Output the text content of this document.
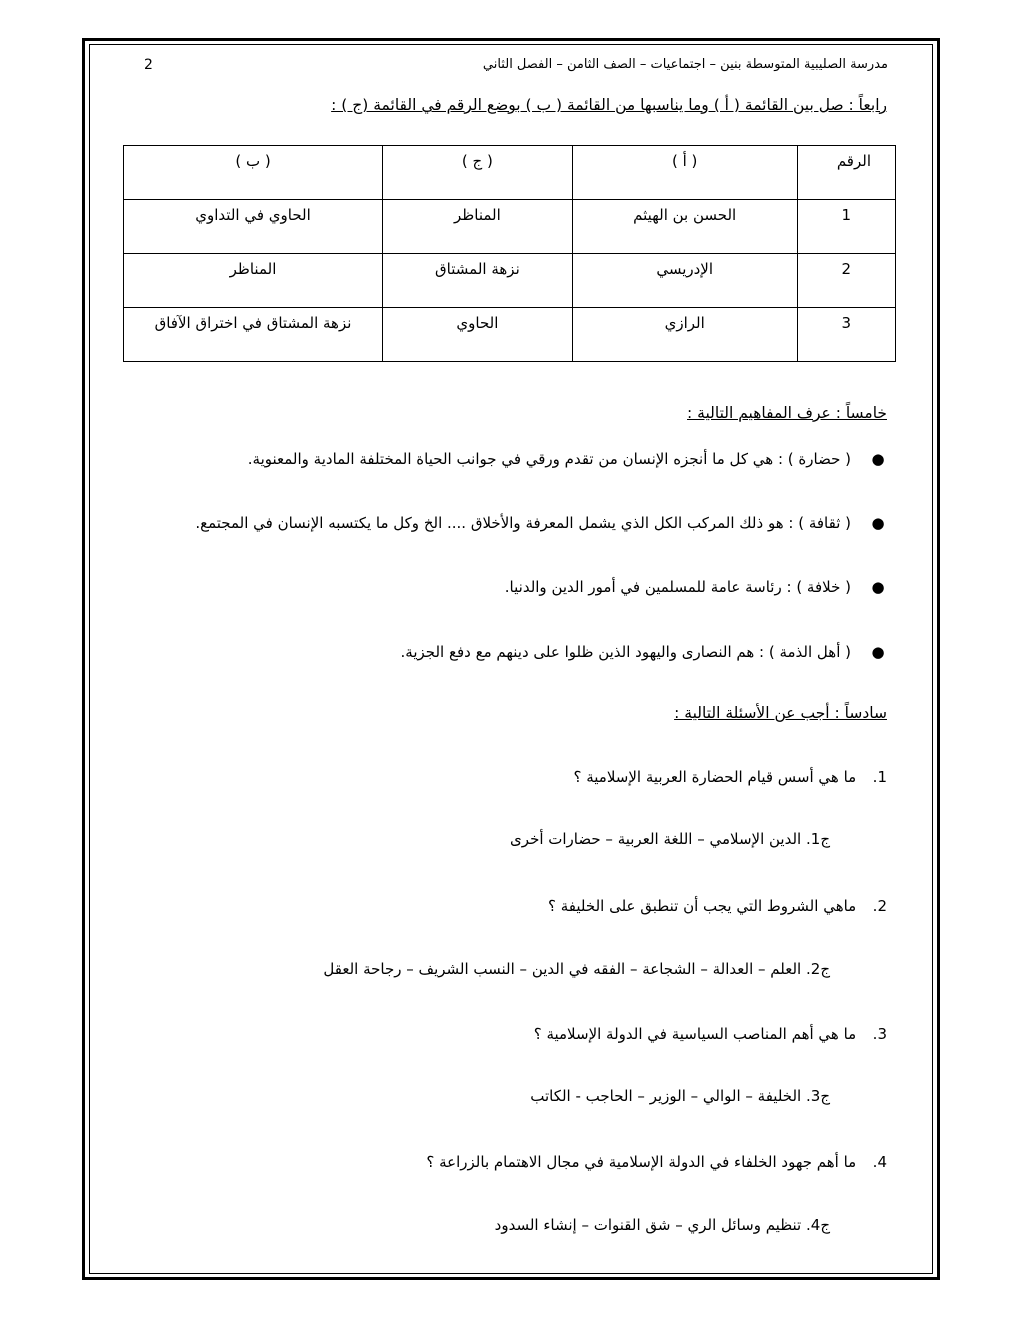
مدرسة الصليبية المتوسطة بنين – اجتماعيات – الصف الثامن – الفصل الثاني
2
رابعاً : صل بين القائمة ( أ ) وما يناسبها من القائمة ( ب ) بوضع الرقم في القائمة (ج ) :
الرقم	( أ )	( ج )	( ب )
1	الحسن بن الهيثم	المناظر	الحاوي في التداوي
2	الإدريسي	نزهة المشتاق	المناظر
3	الرازي	الحاوي	نزهة المشتاق في اختراق الآفاق
خامساً : عرف المفاهيم التالية :
●
( حضارة ) : هي كل ما أنجزه الإنسان من تقدم ورقي في جوانب الحياة المختلفة المادية والمعنوية.
●
( ثقافة ) : هو ذلك المركب الكل الذي يشمل المعرفة والأخلاق .... الخ وكل ما يكتسبه الإنسان في المجتمع.
●
( خلافة ) : رئاسة عامة للمسلمين في أمور الدين والدنيا.
●
( أهل الذمة ) : هم النصارى واليهود الذين ظلوا على دينهم مع دفع الجزية.
سادساً : أجب عن الأسئلة التالية :
1. ما هي أسس قيام الحضارة العربية الإسلامية ؟
ج1. الدين الإسلامي – اللغة العربية – حضارات أخرى
2. ماهي الشروط التي يجب أن تنطبق على الخليفة ؟
ج2. العلم – العدالة – الشجاعة – الفقه في الدين – النسب الشريف – رجاحة العقل
3. ما هي أهم المناصب السياسية في الدولة الإسلامية ؟
ج3. الخليفة – الوالي – الوزير – الحاجب - الكاتب
4. ما أهم جهود الخلفاء في الدولة الإسلامية في مجال الاهتمام بالزراعة ؟
ج4. تنظيم وسائل الري – شق القنوات – إنشاء السدود
